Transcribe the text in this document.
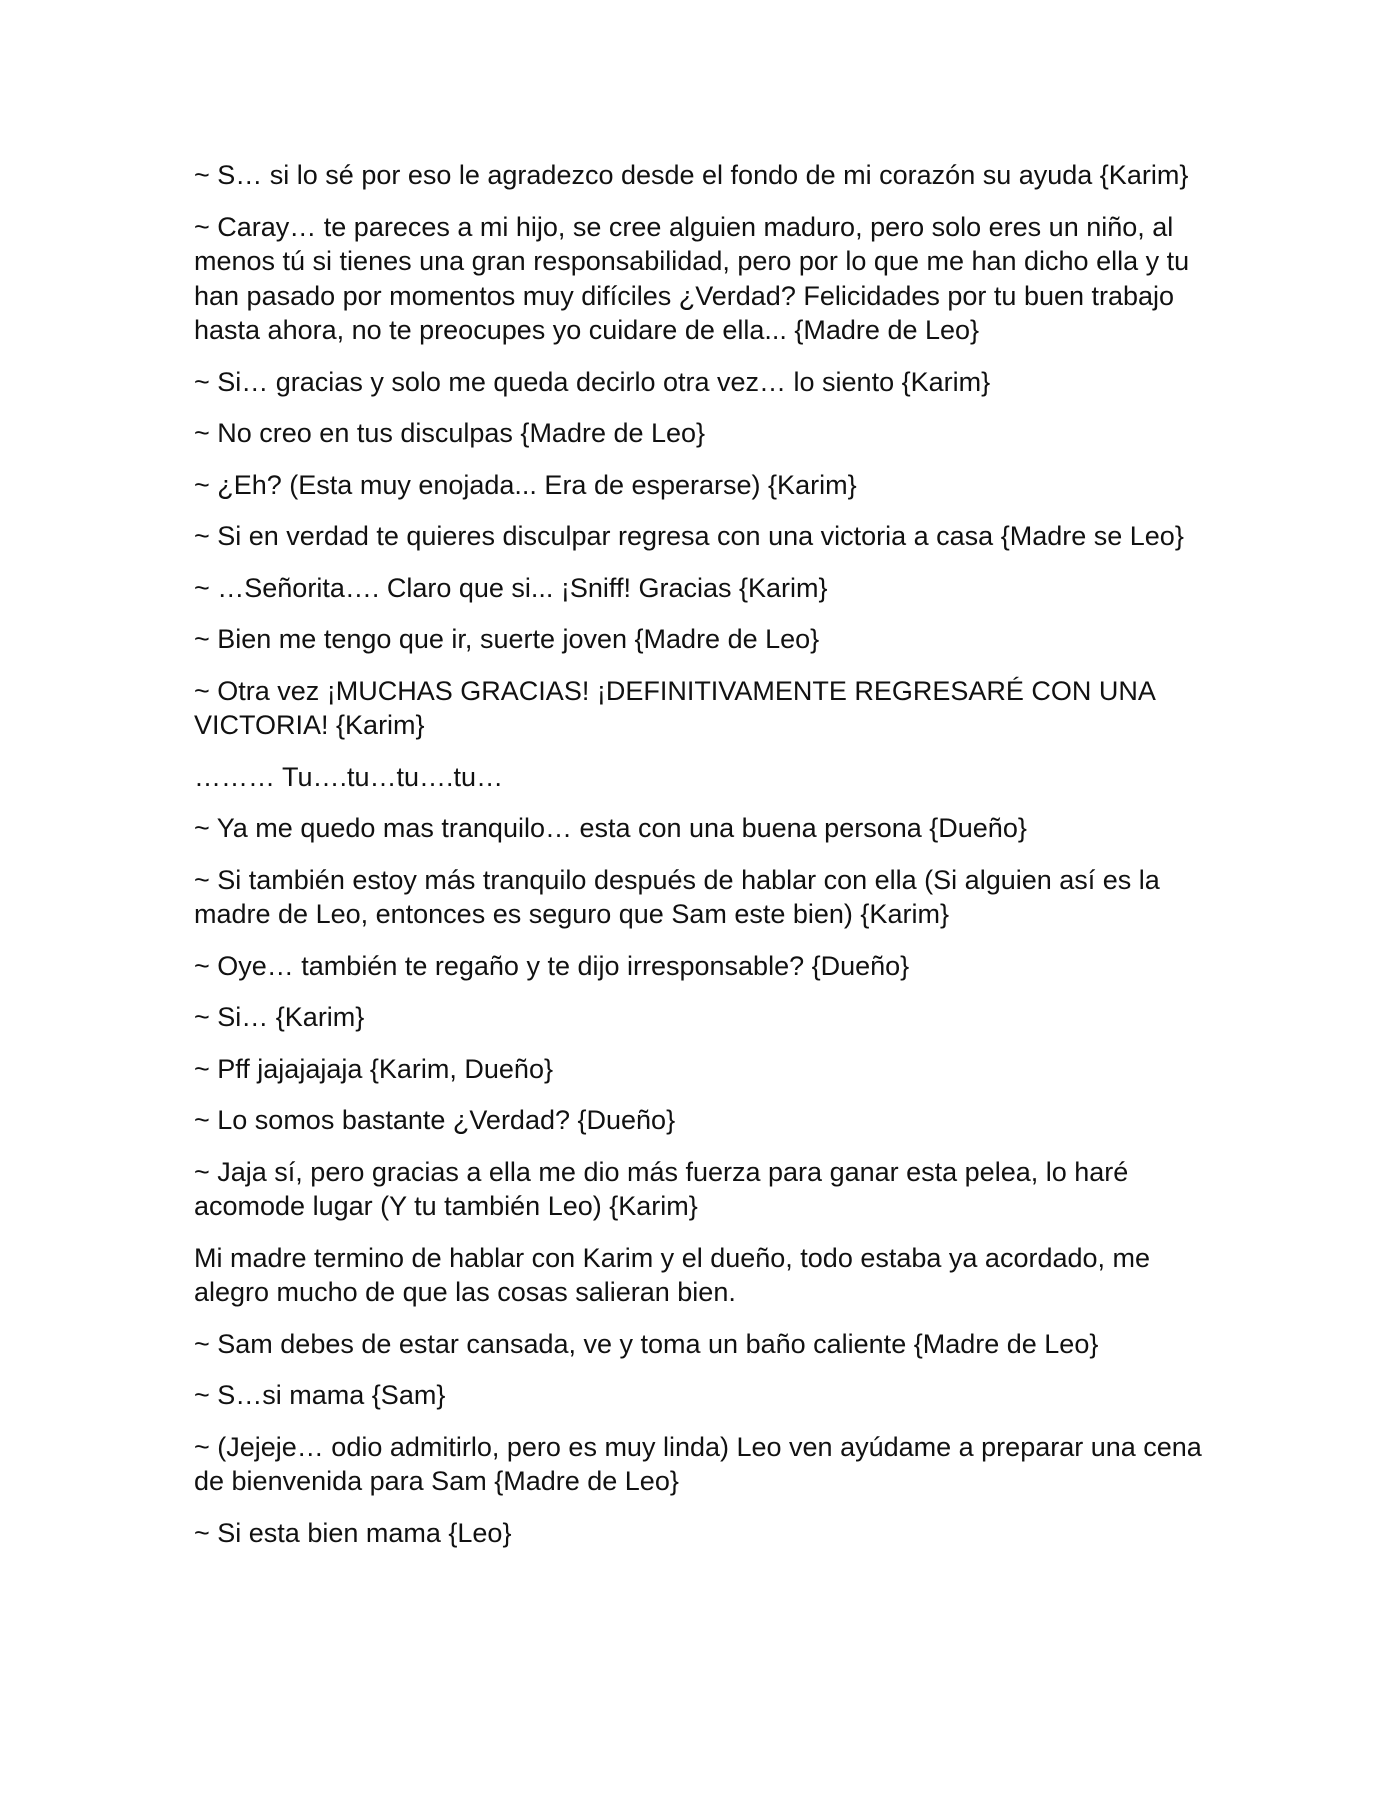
~ S… si lo sé por eso le agradezco desde el fondo de mi corazón su ayuda {Karim}

~ Caray… te pareces a mi hijo, se cree alguien maduro, pero solo eres un niño, al menos tú si tienes una gran responsabilidad, pero por lo que me han dicho ella y tu han pasado por momentos muy difíciles ¿Verdad? Felicidades por tu buen trabajo hasta ahora, no te preocupes yo cuidare de ella... {Madre de Leo}

~ Si… gracias y solo me queda decirlo otra vez… lo siento {Karim}

~ No creo en tus disculpas {Madre de Leo}

~ ¿Eh? (Esta muy enojada... Era de esperarse) {Karim}

~ Si en verdad te quieres disculpar regresa con una victoria a casa {Madre se Leo}

~ …Señorita…. Claro que si... ¡Sniff! Gracias {Karim}

~ Bien me tengo que ir, suerte joven {Madre de Leo}

~ Otra vez ¡MUCHAS GRACIAS! ¡DEFINITIVAMENTE REGRESARÉ CON UNA VICTORIA! {Karim}

……… Tu….tu…tu….tu…

~ Ya me quedo mas tranquilo… esta con una buena persona {Dueño}

~ Si también estoy más tranquilo después de hablar con ella (Si alguien así es la madre de Leo, entonces es seguro que Sam este bien) {Karim}

~ Oye… también te regaño y te dijo irresponsable? {Dueño}

~ Si… {Karim}

~ Pff jajajajaja {Karim, Dueño}

~ Lo somos bastante ¿Verdad? {Dueño}

~ Jaja sí, pero gracias a ella me dio más fuerza para ganar esta pelea, lo haré acomode lugar (Y tu también Leo) {Karim}

Mi madre termino de hablar con Karim y el dueño, todo estaba ya acordado, me alegro mucho de que las cosas salieran bien.

~ Sam debes de estar cansada, ve y toma un baño caliente {Madre de Leo}

~ S…si mama {Sam}

~ (Jejeje… odio admitirlo, pero es muy linda) Leo ven ayúdame a preparar una cena de bienvenida para Sam {Madre de Leo}

~ Si esta bien mama {Leo}
